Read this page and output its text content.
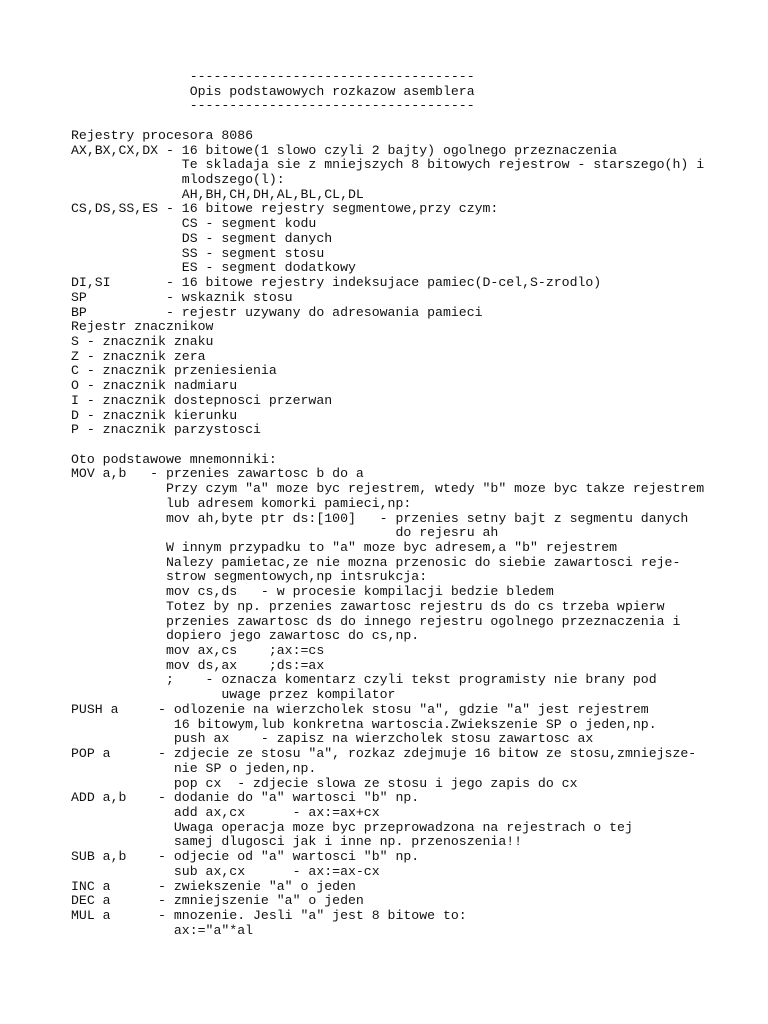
------------------------------------
Opis podstawowych rozkazow asemblera
------------------------------------
Rejestry procesora 8086
AX,BX,CX,DX - 16 bitowe(1 slowo czyli 2 bajty) ogolnego przeznaczenia
Te skladaja sie z mniejszych 8 bitowych rejestrow - starszego(h) i
mlodszego(l):
AH,BH,CH,DH,AL,BL,CL,DL
CS,DS,SS,ES - 16 bitowe rejestry segmentowe,przy czym:
CS - segment kodu
DS - segment danych
SS - segment stosu
ES - segment dodatkowy
DI,SI       - 16 bitowe rejestry indeksujace pamiec(D-cel,S-zrodlo)
SP          - wskaznik stosu
BP          - rejestr uzywany do adresowania pamieci
Rejestr znacznikow
S - znacznik znaku
Z - znacznik zera
C - znacznik przeniesienia
O - znacznik nadmiaru
I - znacznik dostepnosci przerwan
D - znacznik kierunku
P - znacznik parzystosci
Oto podstawowe mnemonniki:
MOV a,b   - przenies zawartosc b do a
Przy czym "a" moze byc rejestrem, wtedy "b" moze byc takze rejestrem
lub adresem komorki pamieci,np:
mov ah,byte ptr ds:[100]   - przenies setny bajt z segmentu danych
do rejesru ah
W innym przypadku to "a" moze byc adresem,a "b" rejestrem
Nalezy pamietac,ze nie mozna przenosic do siebie zawartosci reje-
strow segmentowych,np intsrukcja:
mov cs,ds   - w procesie kompilacji bedzie bledem
Totez by np. przenies zawartosc rejestru ds do cs trzeba wpierw
przenies zawartosc ds do innego rejestru ogolnego przeznaczenia i
dopiero jego zawartosc do cs,np.
mov ax,cs    ;ax:=cs
mov ds,ax    ;ds:=ax
;    - oznacza komentarz czyli tekst programisty nie brany pod
uwage przez kompilator
PUSH a     - odlozenie na wierzcholek stosu "a", gdzie "a" jest rejestrem
16 bitowym,lub konkretna wartoscia.Zwiekszenie SP o jeden,np.
push ax    - zapisz na wierzcholek stosu zawartosc ax
POP a      - zdjecie ze stosu "a", rozkaz zdejmuje 16 bitow ze stosu,zmniejsze-
nie SP o jeden,np.
pop cx  - zdjecie slowa ze stosu i jego zapis do cx
ADD a,b    - dodanie do "a" wartosci "b" np.
add ax,cx      - ax:=ax+cx
Uwaga operacja moze byc przeprowadzona na rejestrach o tej
samej dlugosci jak i inne np. przenoszenia!!
SUB a,b    - odjecie od "a" wartosci "b" np.
sub ax,cx      - ax:=ax-cx
INC a      - zwiekszenie "a" o jeden
DEC a      - zmniejszenie "a" o jeden
MUL a      - mnozenie. Jesli "a" jest 8 bitowe to:
ax:="a"*al
